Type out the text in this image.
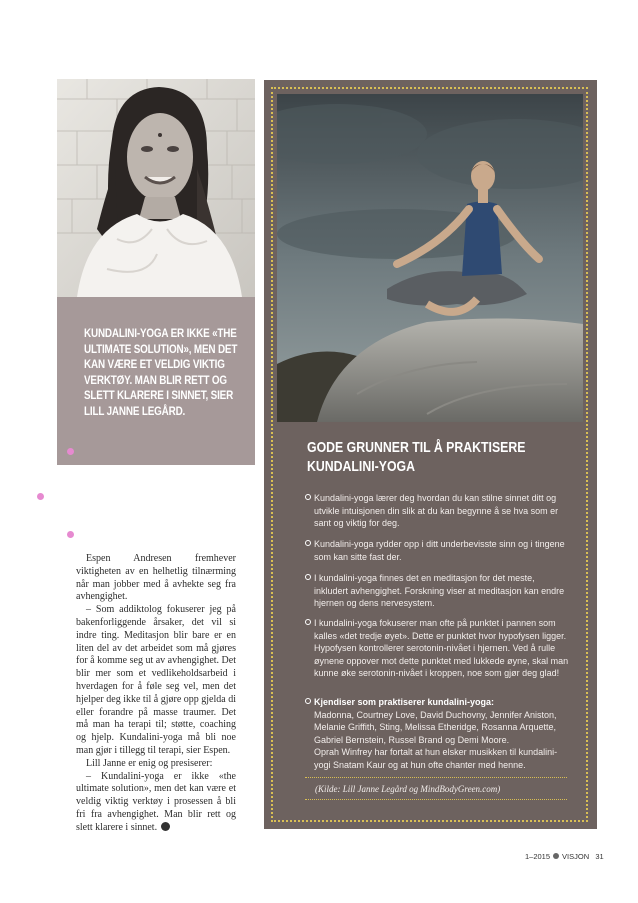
KUNDALINI-YOGA ER IKKE «THE ULTIMATE SOLUTION», MEN DET KAN VÆRE ET VELDIG VIKTIG VERKTØY. MAN BLIR RETT OG SLETT KLARERE I SINNET, SIER LILL JANNE LEGÅRD.

Espen Andresen fremhever viktigheten av en helhetlig tilnærming når man jobber med å avhekte seg fra avhengighet.

– Som addiktolog fokuserer jeg på bakenforliggende årsaker, det vil si indre ting. Meditasjon blir bare er en liten del av det arbeidet som må gjøres for å komme seg ut av avhengighet. Det blir mer som et vedlikeholdsarbeid i hverdagen for å føle seg vel, men det hjelper deg ikke til å gjøre opp gjelda di eller forandre på masse traumer. Det må man ha terapi til; støtte, coaching og hjelp. Kundalini-yoga må bli noe man gjør i tillegg til terapi, sier Espen.

Lill Janne er enig og presiserer:

– Kundalini-yoga er ikke «the ultimate solution», men det kan være et veldig viktig verktøy i prosessen å bli fri fra avhengighet. Man blir rett og slett klarere i sinnet.

GODE GRUNNER TIL Å PRAKTISERE KUNDALINI-YOGA
Kundalini-yoga lærer deg hvordan du kan stilne sinnet ditt og utvikle intuisjonen din slik at du kan begynne å se hva som er sant og viktig for deg.
Kundalini-yoga rydder opp i ditt underbevisste sinn og i tingene som kan sitte fast der.
I kundalini-yoga finnes det en meditasjon for det meste, inkludert avhengighet. Forskning viser at meditasjon kan endre hjernen og dens nervesystem.
I kundalini-yoga fokuserer man ofte på punktet i pannen som kalles «det tredje øyet». Dette er punktet hvor hypofysen ligger. Hypofysen kontrollerer serotonin-nivået i hjernen. Ved å rulle øynene oppover mot dette punktet med lukkede øyne, skal man kunne øke serotonin-nivået i kroppen, noe som gjør deg glad!
Kjendiser som praktiserer kundalini-yoga:
Madonna, Courtney Love, David Duchovny, Jennifer Aniston, Melanie Griffith, Sting, Melissa Etheridge, Rosanna Arquette, Gabriel Bernstein, Russel Brand og Demi Moore.
Oprah Winfrey har fortalt at hun elsker musikken til kundalini-yogi Snatam Kaur og at hun ofte chanter med henne.
(Kilde: Lill Janne Legård og MindBodyGreen.com)
1–2015 VISJON 31
